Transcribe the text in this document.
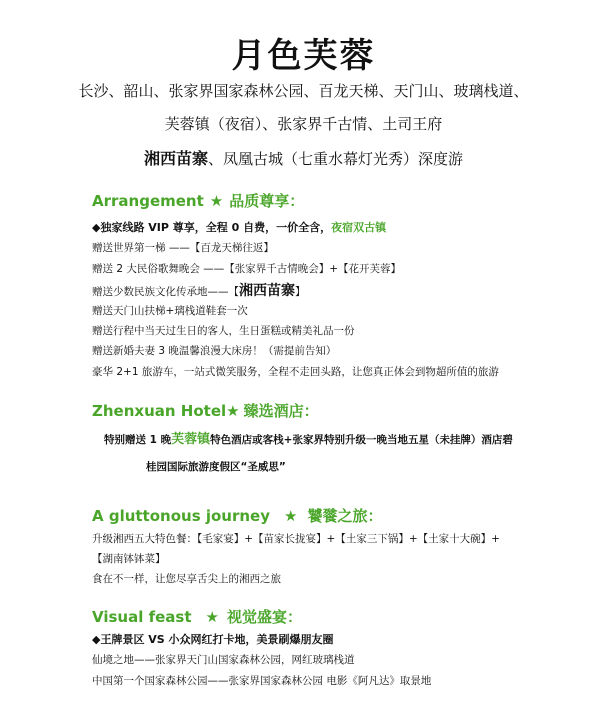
月色芙蓉
长沙、韶山、张家界国家森林公园、百龙天梯、天门山、玻璃栈道、
芙蓉镇（夜宿）、张家界千古情、土司王府
湘西苗寨、凤凰古城（七重水幕灯光秀）深度游
Arrangement ★ 品质尊享：
◆独家线路 VIP 尊享，全程 0 自费，一价全含，夜宿双古镇
赠送世界第一梯 ——【百龙天梯往返】
赠送 2 大民俗歌舞晚会 ——【张家界千古情晚会】+【花开芙蓉】
赠送少数民族文化传承地——【湘西苗寨】
赠送天门山扶梯+璃栈道鞋套一次
赠送行程中当天过生日的客人，生日蛋糕或精美礼品一份
赠送新婚夫妻 3 晚温馨浪漫大床房！（需提前告知）
豪华 2+1 旅游车，一站式微笑服务，全程不走回头路，让您真正体会到物超所值的旅游
Zhenxuan Hotel★ 臻选酒店：
特别赠送 1 晚芙蓉镇特色酒店或客栈+张家界特别升级一晚当地五星（未挂牌）酒店碧
桂园国际旅游度假区“圣威思”
A gluttonous journey ★ 饕餮之旅：
升级湘西五大特色餐：【毛家宴】+【苗家长拢宴】+【土家三下锅】+【土家十大碗】+
【湖南钵钵菜】
食在不一样，让您尽享舌尖上的湘西之旅
Visual feast ★ 视觉盛宴：
◆王牌景区 VS 小众网红打卡地，美景刷爆朋友圈
仙境之地——张家界天门山国家森林公园，网红玻璃栈道
中国第一个国家森林公园——张家界国家森林公园 电影《阿凡达》取景地
